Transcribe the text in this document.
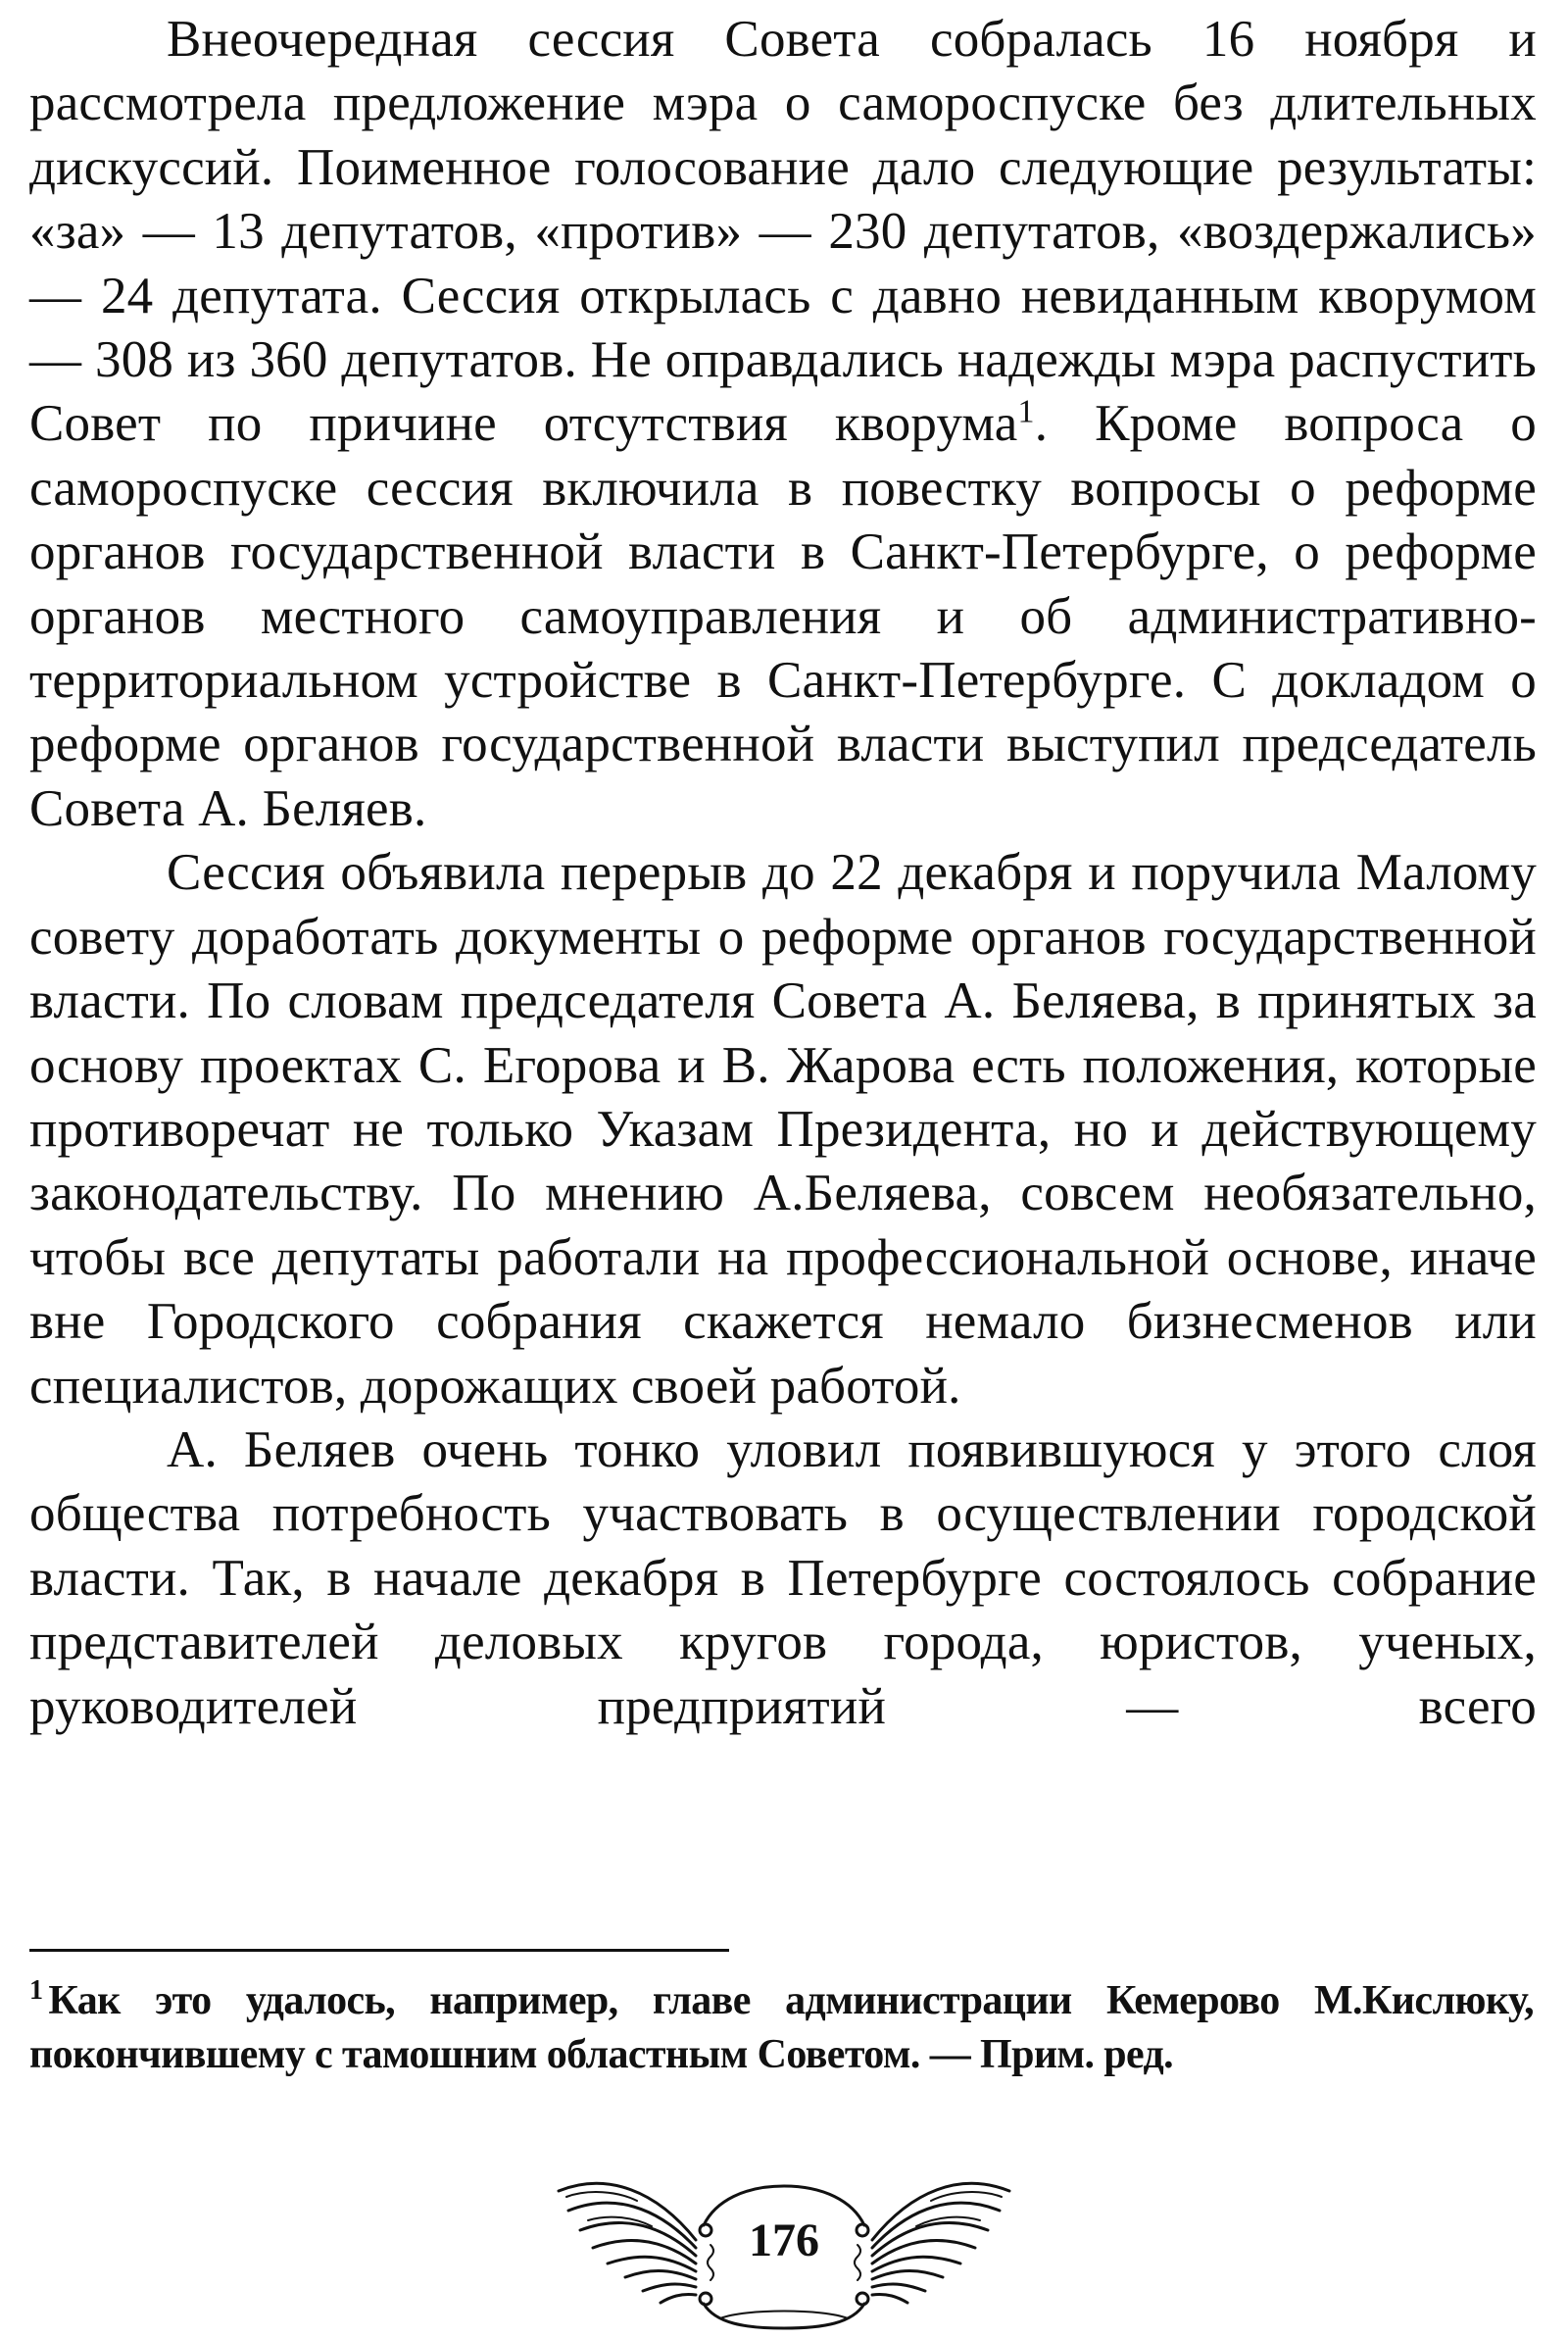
Внеочередная сессия Совета собралась 16 ноября и рассмотрела предложение мэра о самороспуске без длительных дискуссий. Поименное голосование дало следующие результаты: «за» — 13 депутатов, «против» — 230 депутатов, «воздержались» — 24 депутата. Сессия открылась с давно невиданным кворумом — 308 из 360 депутатов. Не оправдались надежды мэра распустить Совет по причине отсутствия кворума$^1$. Кроме вопроса о самороспуске сессия включила в повестку вопросы о реформе органов государственной власти в Санкт-Петербурге, о реформе органов местного самоуправления и об административно-территориальном устройстве в Санкт-Петербурге. С докладом о реформе органов государственной власти выступил председатель Совета А. Беляев.

Сессия объявила перерыв до 22 декабря и поручила Малому совету доработать документы о реформе органов государственной власти. По словам председателя Совета А. Беляева, в принятых за основу проектах С. Егорова и В. Жарова есть положения, которые противоречат не только Указам Президента, но и действующему законодательству. По мнению А.Беляева, совсем необязательно, чтобы все депутаты работали на профессиональной основе, иначе вне Городского собрания скажется немало бизнесменов или специалистов, дорожащих своей работой.

А. Беляев очень тонко уловил появившуюся у этого слоя общества потребность участвовать в осуществлении городской власти. Так, в начале декабря в Петербурге состоялось собрание представителей деловых кругов города, юристов, ученых, руководителей предприятий — всего

$^1$ Как это удалось, например, главе администрации Кемерово М.Кислюку, покончившему с тамошним областным Советом. — Прим. ред.
176
